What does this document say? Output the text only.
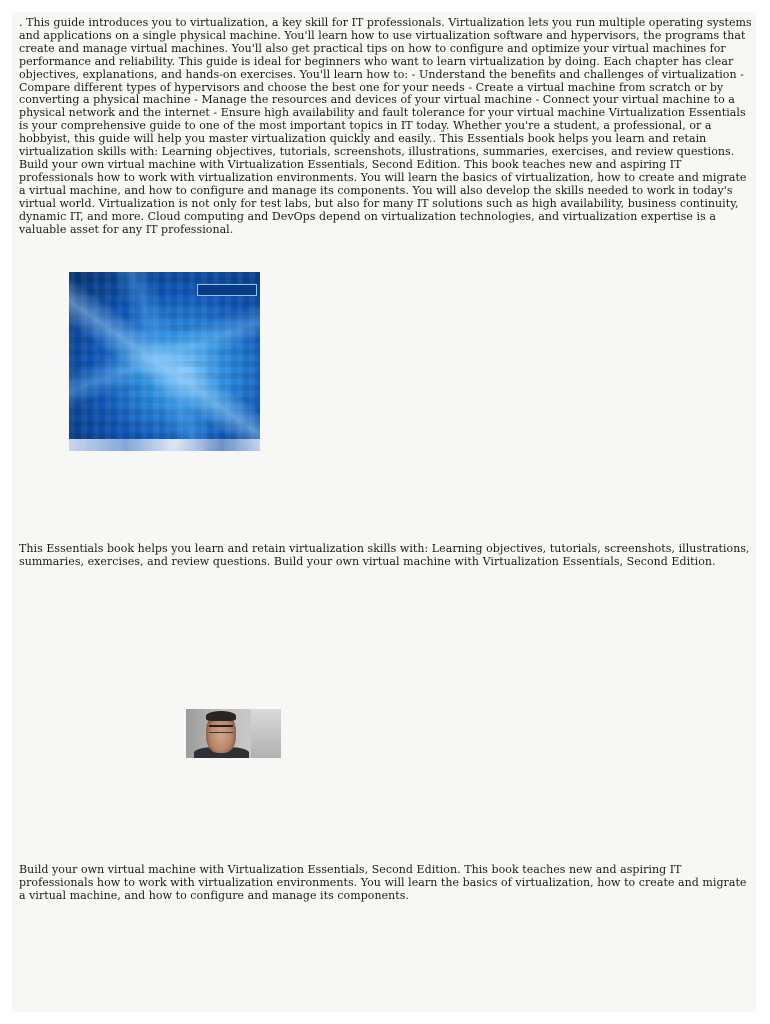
. This guide introduces you to virtualization, a key skill for IT professionals. Virtualization lets you run multiple operating systems and applications on a single physical machine. You'll learn how to use virtualization software and hypervisors, the programs that create and manage virtual machines. You'll also get practical tips on how to configure and optimize your virtual machines for performance and reliability. This guide is ideal for beginners who want to learn virtualization by doing. Each chapter has clear objectives, explanations, and hands-on exercises. You'll learn how to: - Understand the benefits and challenges of virtualization - Compare different types of hypervisors and choose the best one for your needs - Create a virtual machine from scratch or by converting a physical machine - Manage the resources and devices of your virtual machine - Connect your virtual machine to a physical network and the internet - Ensure high availability and fault tolerance for your virtual machine Virtualization Essentials is your comprehensive guide to one of the most important topics in IT today. Whether you're a student, a professional, or a hobbyist, this guide will help you master virtualization quickly and easily.. This Essentials book helps you learn and retain virtualization skills with: Learning objectives, tutorials, screenshots, illustrations, summaries, exercises, and review questions. Build your own virtual machine with Virtualization Essentials, Second Edition. This book teaches new and aspiring IT professionals how to work with virtualization environments. You will learn the basics of virtualization, how to create and migrate a virtual machine, and how to configure and manage its components. You will also develop the skills needed to work in today's virtual world. Virtualization is not only for test labs, but also for many IT solutions such as high availability, business continuity, dynamic IT, and more. Cloud computing and DevOps depend on virtualization technologies, and virtualization expertise is a valuable asset for any IT professional.

This Essentials book helps you learn and retain virtualization skills with: Learning objectives, tutorials, screenshots, illustrations, summaries, exercises, and review questions. Build your own virtual machine with Virtualization Essentials, Second Edition.

Build your own virtual machine with Virtualization Essentials, Second Edition. This book teaches new and aspiring IT professionals how to work with virtualization environments. You will learn the basics of virtualization, how to create and migrate a virtual machine, and how to configure and manage its components.
